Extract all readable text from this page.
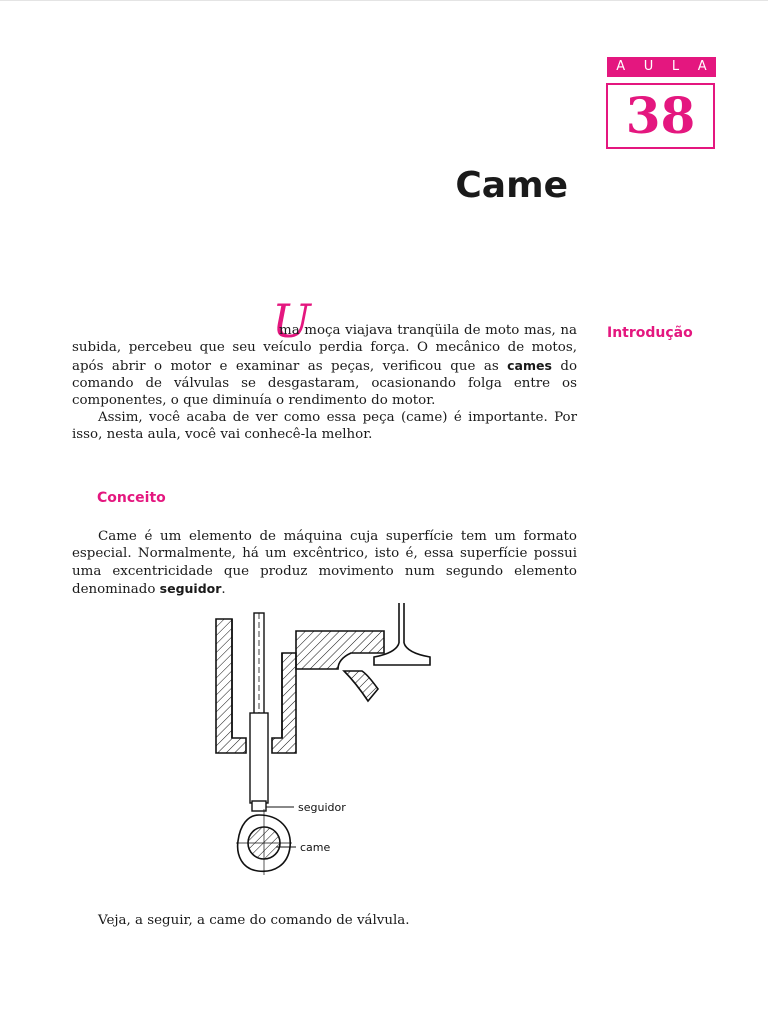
A U L A
38
Came
Introdução
U

ma moça viajava tranqüila de moto mas, na subida, percebeu que seu veículo perdia força. O mecânico de motos, após abrir o motor e examinar as peças, verificou que as cames do comando de válvulas se desgastaram, ocasionando folga entre os componentes, o que diminuía o rendimento do motor.

Assim, você acaba de ver como essa peça (came) é importante. Por isso, nesta aula, você vai conhecê-la melhor.

Conceito

Came é um elemento de máquina cuja superfície tem um formato especial. Normalmente, há um excêntrico, isto é, essa superfície possui uma excentricidade que produz movimento num segundo elemento denominado seguidor.

seguidor
came

Veja, a seguir, a came do comando de válvula.
